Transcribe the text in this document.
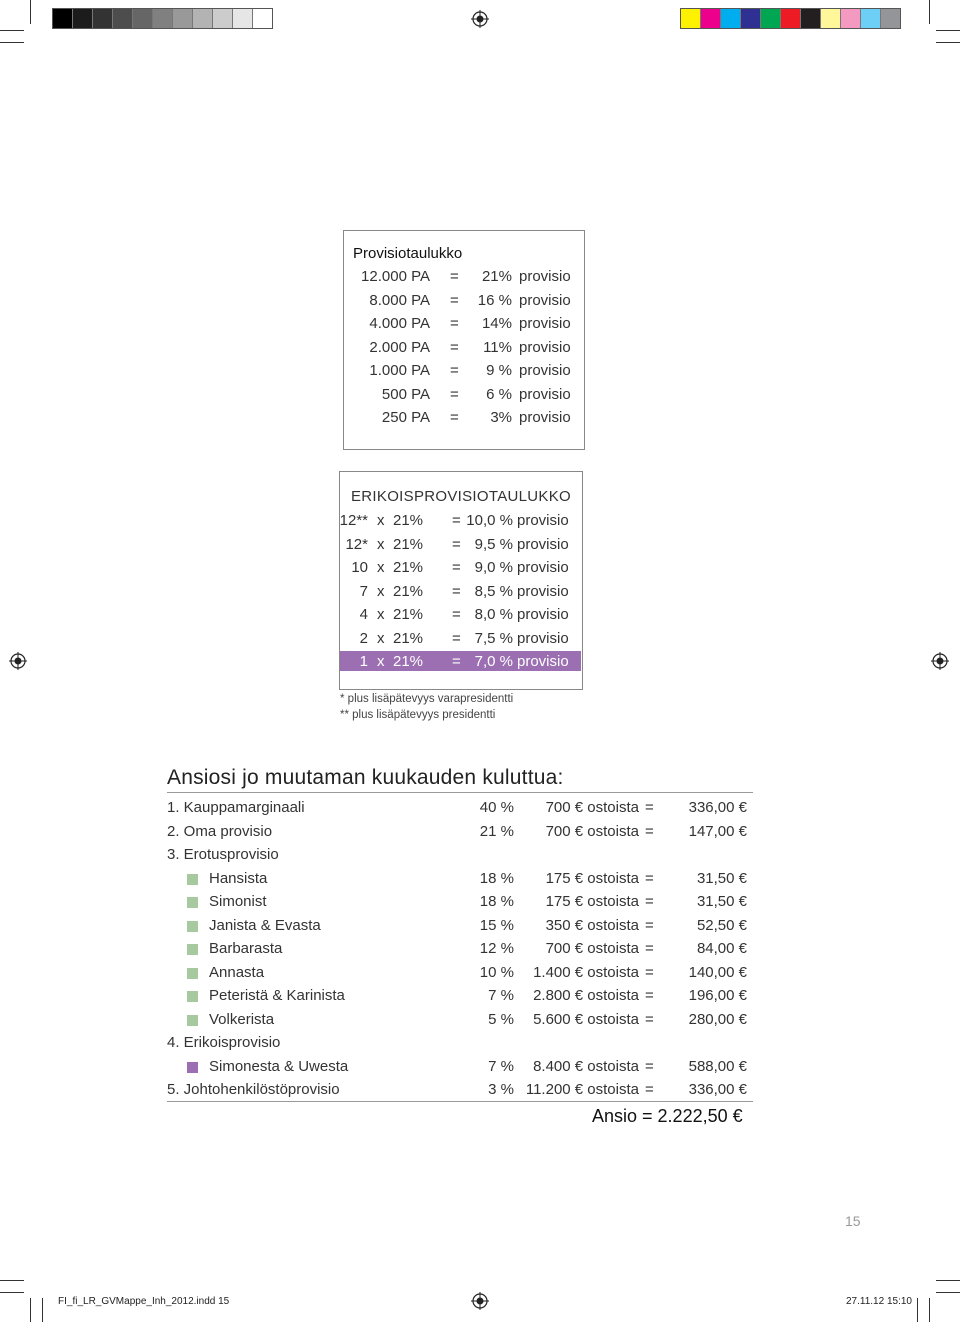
Provisiotaulukko
12.000 PA = 21% provisio
8.000 PA = 16 % provisio
4.000 PA = 14% provisio
2.000 PA = 11% provisio
1.000 PA = 9 % provisio
500 PA = 6 % provisio
250 PA = 3% provisio
ERIKOISPROVISIOTAULUKKO
12** x 21% = 10,0 % provisio
12* x 21% = 9,5 % provisio
10 x 21% = 9,0 % provisio
7 x 21% = 8,5 % provisio
4 x 21% = 8,0 % provisio
2 x 21% = 7,5 % provisio
1 x 21% = 7,0 % provisio
* plus lisäpätevyys varapresidentti
** plus lisäpätevyys presidentti
Ansiosi jo muutaman kuukauden kuluttua:
1. Kauppamarginaali	40 % 700 € ostoista = 336,00 €
2. Oma provisio	21 % 700 € ostoista = 147,00 €
3. Erotusprovisio
Hansista	18 % 175 € ostoista =	31,50 €
Simonist	18 % 175 € ostoista =	31,50 €
Janista & Evasta	15 % 350 € ostoista =	52,50 €
Barbarasta	12 % 700 € ostoista =	84,00 €
Annasta	10 % 1.400 € ostoista = 140,00 €
Peteristä & Karinista	7 % 2.800 € ostoista = 196,00 €
Volkerista	5 % 5.600 € ostoista = 280,00 €
4. Erikoisprovisio
Simonesta & Uwesta	7 % 8.400 € ostoista = 588,00 €
5. Johtohenkilöstöprovisio	3 % 11.200 € ostoista = 336,00 €
Ansio = 2.222,50 €
15
FI_fi_LR_GVMappe_Inh_2012.indd 15	27.11.12 15:10
